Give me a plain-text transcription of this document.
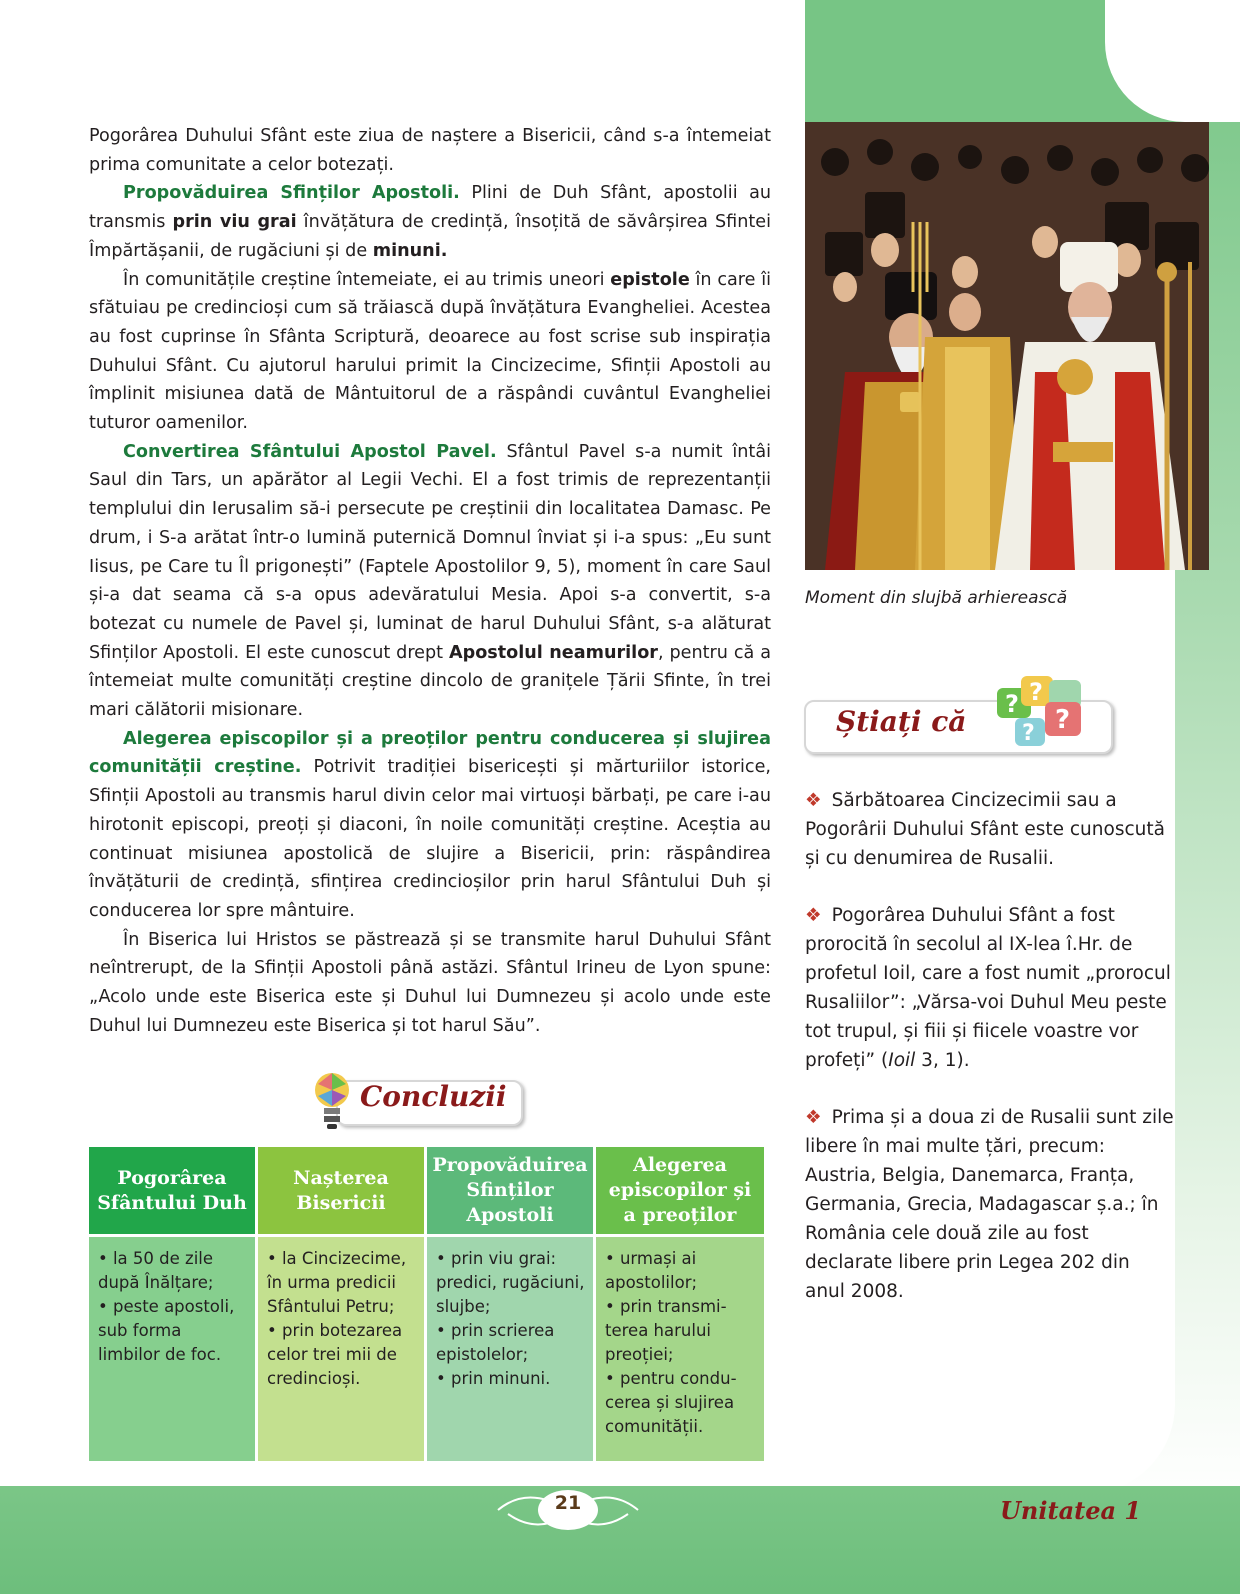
Pogorârea Duhului Sfânt este ziua de naștere a Bisericii, când s-a întemeiat prima comunitate a celor botezați.

Propovăduirea Sfinților Apostoli. Plini de Duh Sfânt, apostolii au transmis prin viu grai învățătura de credință, însoțită de săvârșirea Sfintei Împărtășanii, de rugăciuni și de minuni.

În comunitățile creștine întemeiate, ei au trimis uneori epistole în care îi sfătuiau pe credincioși cum să trăiască după învățătura Evangheliei. Acestea au fost cuprinse în Sfânta Scriptură, deoarece au fost scrise sub inspirația Duhului Sfânt. Cu ajutorul harului primit la Cincizecime, Sfinții Apostoli au împlinit misiunea dată de Mântuitorul de a răspândi cuvântul Evangheliei tuturor oamenilor.

Convertirea Sfântului Apostol Pavel. Sfântul Pavel s-a numit întâi Saul din Tars, un apărător al Legii Vechi. El a fost trimis de reprezentanții templului din Ierusalim să-i persecute pe creștinii din localitatea Damasc. Pe drum, i S-a arătat într-o lumină puternică Domnul înviat și i-a spus: „Eu sunt Iisus, pe Care tu Îl prigonești” (Faptele Apostolilor 9, 5), moment în care Saul și-a dat seama că s-a opus adevăratului Mesia. Apoi s-a convertit, s-a botezat cu numele de Pavel și, luminat de harul Duhului Sfânt, s-a alăturat Sfinților Apostoli. El este cunoscut drept Apostolul neamurilor, pentru că a întemeiat multe comunități creștine dincolo de granițele Țării Sfinte, în trei mari călătorii misionare.

Alegerea episcopilor și a preoților pentru conducerea și slujirea comunității creștine. Potrivit tradiției bisericești și mărturiilor istorice, Sfinții Apostoli au transmis harul divin celor mai virtuoși bărbați, pe care i-au hirotonit episcopi, preoți și diaconi, în noile comunități creștine. Aceștia au continuat misiunea apostolică de slujire a Bisericii, prin: răspândirea învățăturii de credință, sfințirea credincioșilor prin harul Sfântului Duh și conducerea lor spre mântuire.

În Biserica lui Hristos se păstrează și se transmite harul Duhului Sfânt neîntrerupt, de la Sfinții Apostoli până astăzi. Sfântul Irineu de Lyon spune: „Acolo unde este Biserica este și Duhul lui Dumnezeu și acolo unde este Duhul lui Dumnezeu este Biserica și tot harul Său”.

Moment din slujbă arhierească
Știați că
? ?
?
?

❖ Sărbătoarea Cincizecimii sau a Pogorârii Duhului Sfânt este cunoscută și cu denumirea de Rusalii.

❖ Pogorârea Duhului Sfânt a fost prorocită în secolul al IX-lea î.Hr. de profetul Ioil, care a fost numit „prorocul Rusaliilor”: „Vărsa-voi Duhul Meu peste tot trupul, și fiii și fiicele voastre vor profeți” (Ioil 3, 1).

❖ Prima și a doua zi de Rusalii sunt zile libere în mai multe țări, precum: Austria, Belgia, Danemarca, Franța, Germania, Grecia, Madagascar ș.a.; în România cele două zile au fost declarate libere prin Legea 202 din anul 2008.

Concluzii
Pogorârea Sfântului Duh
• la 50 de zile după Înălțare;
• peste apostoli, sub forma limbilor de foc.
Nașterea Bisericii
• la Cincizecime, în urma predicii Sfântului Petru;
• prin botezarea celor trei mii de credincioși.
Propovăduirea Sfinților Apostoli
• prin viu grai: predici, rugăciuni, slujbe;
• prin scrierea epistolelor;
• prin minuni.
Alegerea episcopilor și a preoților
• urmași ai apostolilor;
• prin transmiterea harului preoției;
• pentru conducerea și slujirea comunității.
21	Unitatea 1
